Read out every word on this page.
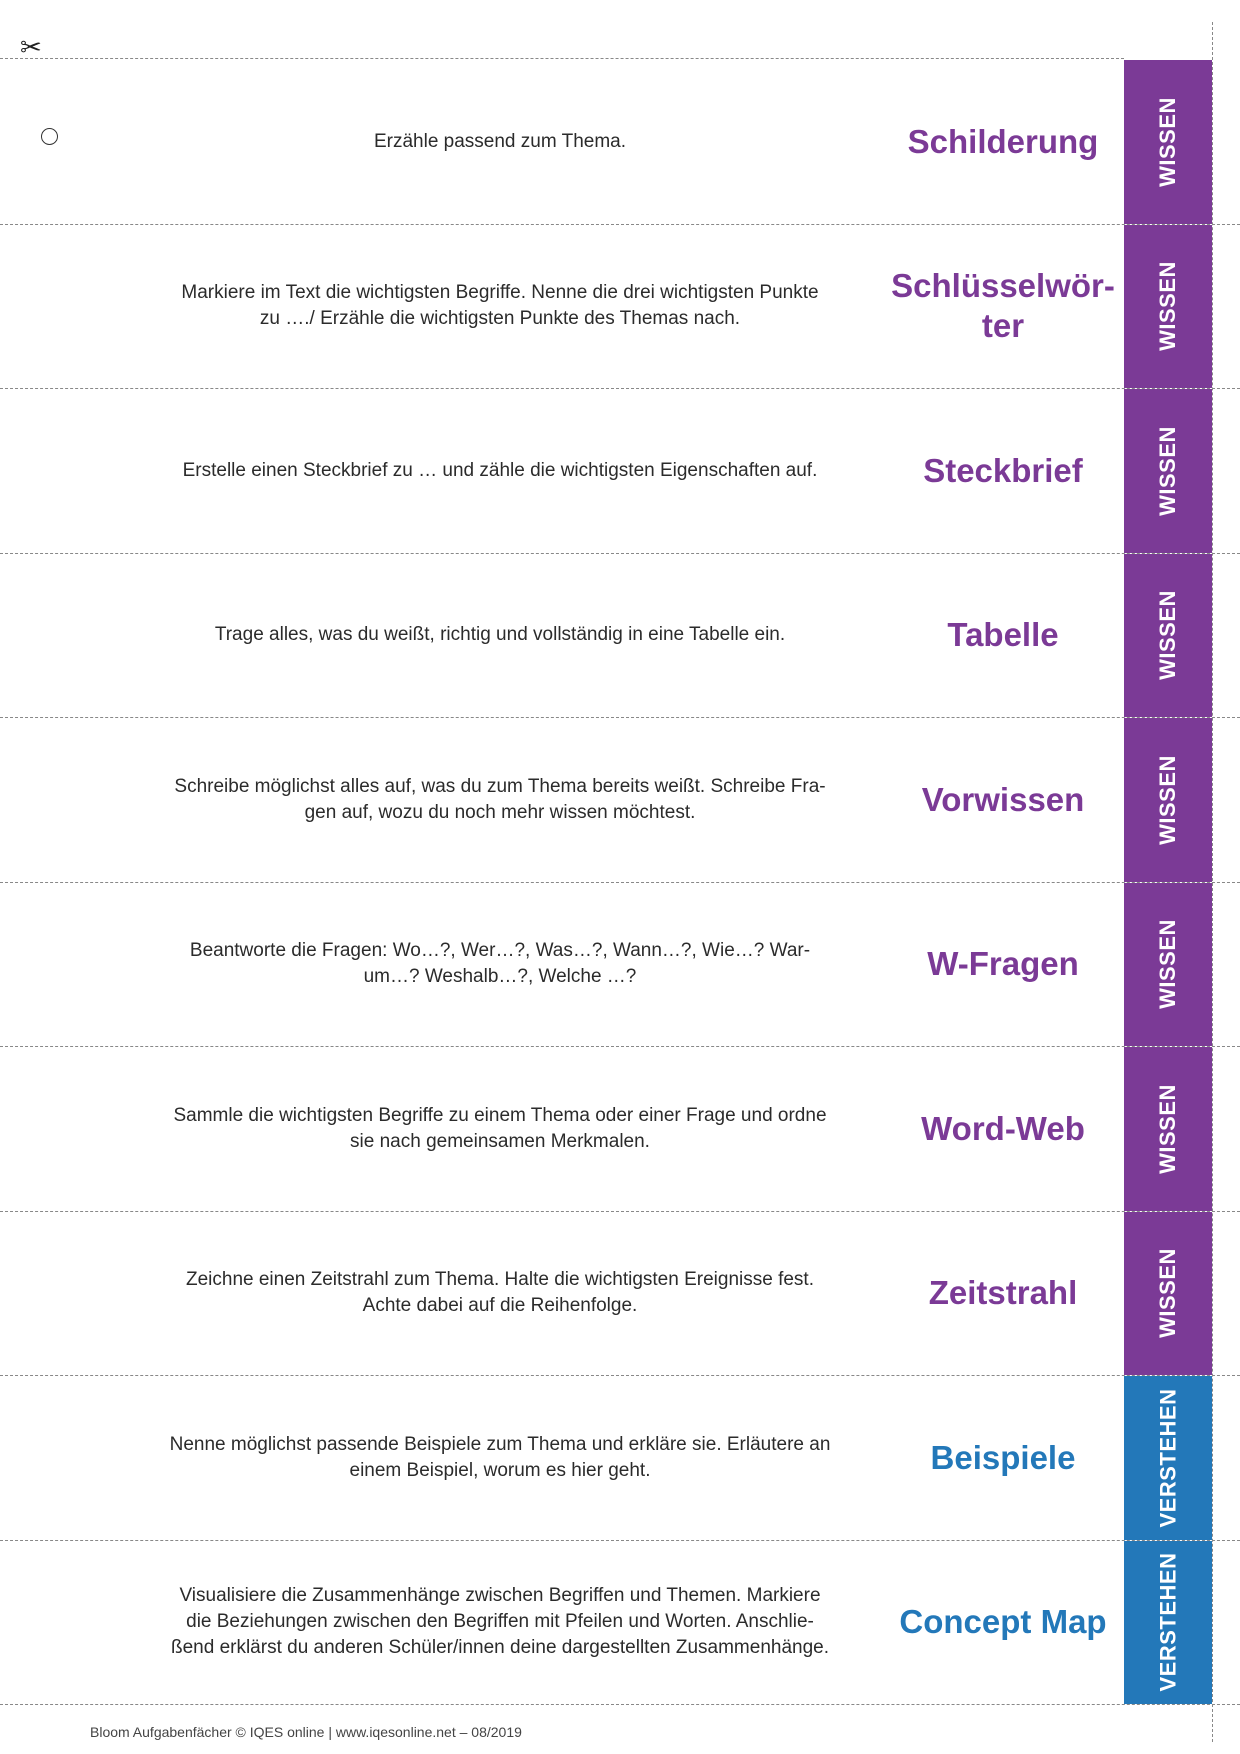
✂
Erzähle passend zum Thema.	Schilderung	WISSEN
Markiere im Text die wichtigsten Begriffe. Nenne die drei wichtigsten Punkte
zu …./ Erzähle die wichtigsten Punkte des Themas nach.
Schlüsselwör-
ter	WISSEN
Erstelle einen Steckbrief zu … und zähle die wichtigsten Eigenschaften auf.	Steckbrief	WISSEN
Trage alles, was du weißt, richtig und vollständig in eine Tabelle ein.	Tabelle	WISSEN
Schreibe möglichst alles auf, was du zum Thema bereits weißt. Schreibe Fra-
gen auf, wozu du noch mehr wissen möchtest.	Vorwissen	WISSEN
Beantworte die Fragen: Wo…?, Wer…?, Was…?, Wann…?, Wie…? War-
um…? Weshalb…?, Welche …?	W-Fragen	WISSEN
Sammle die wichtigsten Begriffe zu einem Thema oder einer Frage und ordne
sie nach gemeinsamen Merkmalen.	Word-Web	WISSEN
Zeichne einen Zeitstrahl zum Thema. Halte die wichtigsten Ereignisse fest.
Achte dabei auf die Reihenfolge.	Zeitstrahl	WISSEN
Nenne möglichst passende Beispiele zum Thema und erkläre sie. Erläutere an
einem Beispiel, worum es hier geht.	Beispiele	VERSTEHEN
Visualisiere die Zusammenhänge zwischen Begriffen und Themen. Markiere
die Beziehungen zwischen den Begriffen mit Pfeilen und Worten. Anschlie-
ßend erklärst du anderen Schüler/innen deine dargestellten Zusammenhänge.
Concept Map	VERSTEHEN
Bloom Aufgabenfächer © IQES online | www.iqesonline.net – 08/2019
